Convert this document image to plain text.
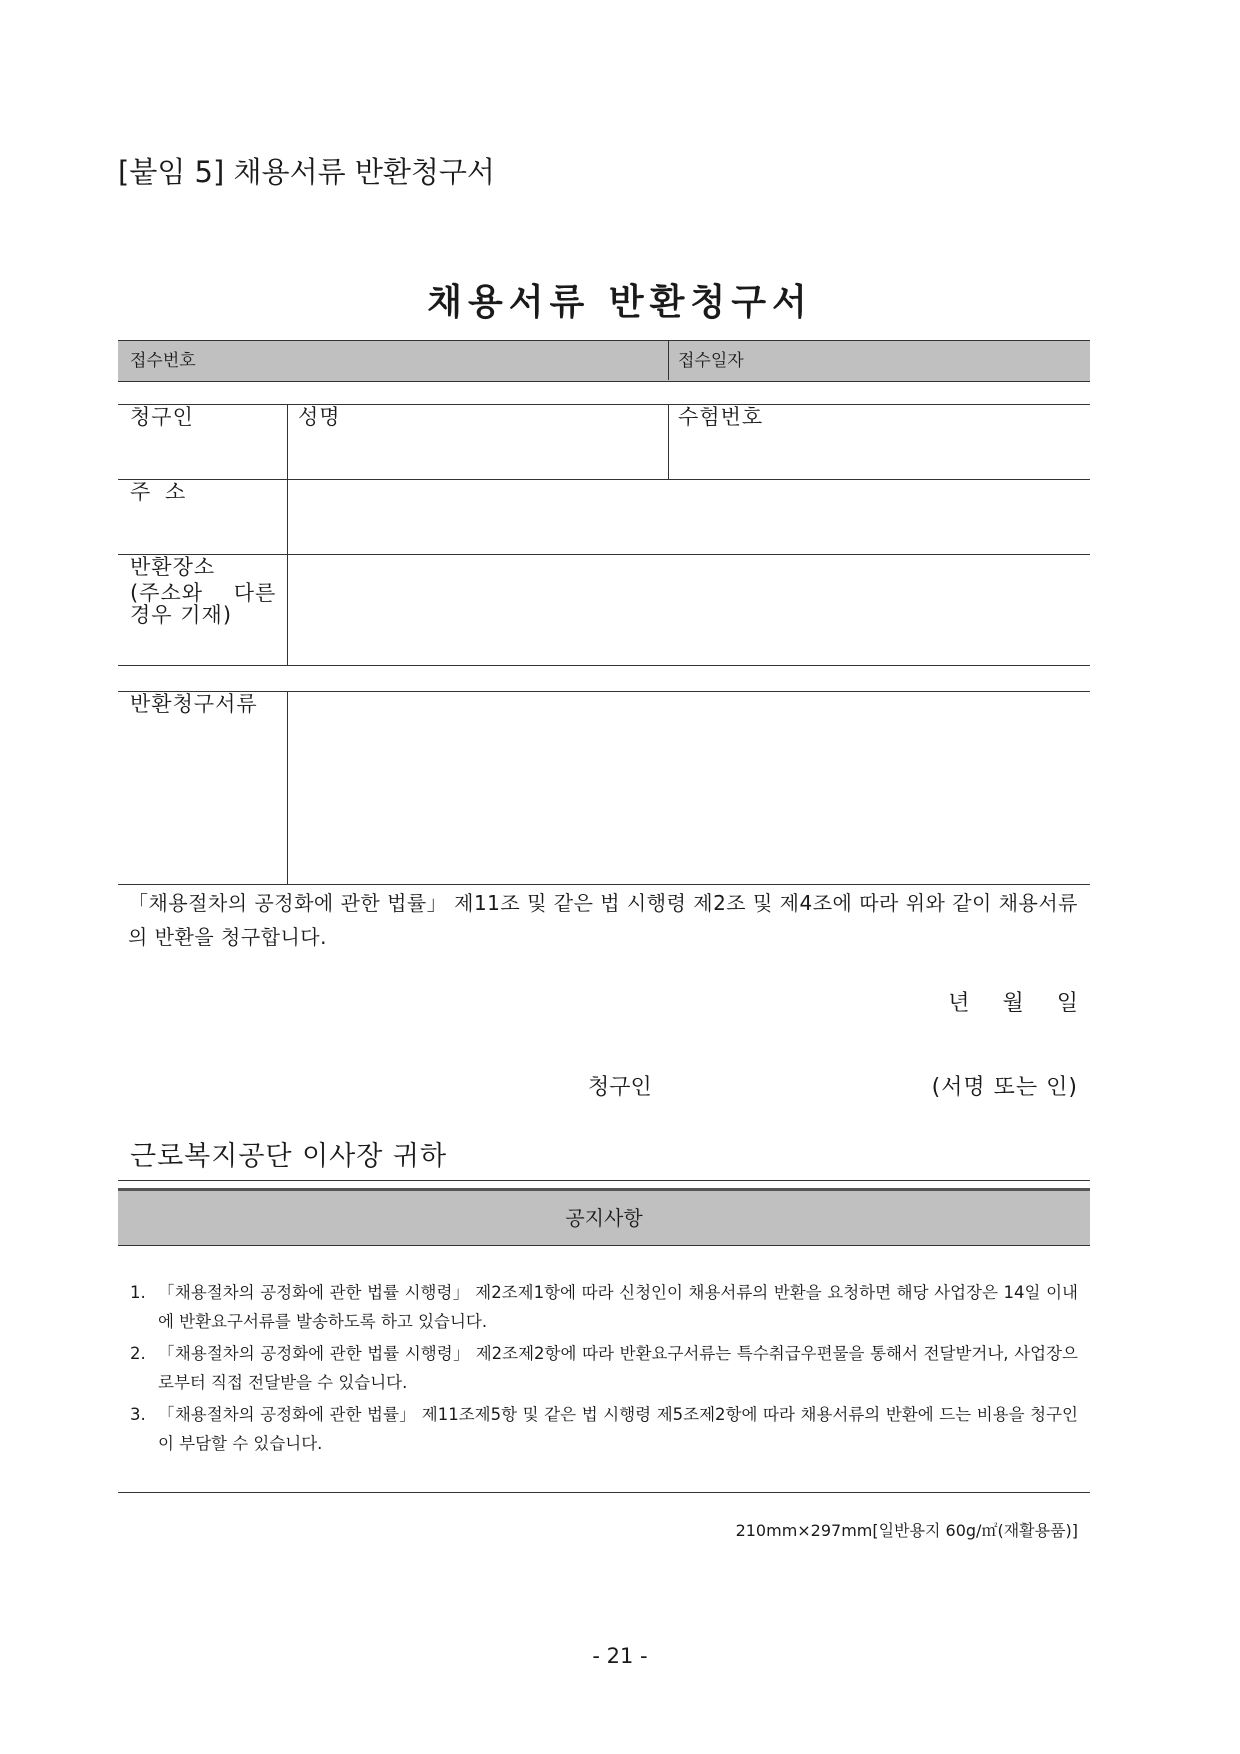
[붙임 5] 채용서류 반환청구서
채용서류 반환청구서
접수번호	접수일자
청구인	성명	수험번호
주 소
반환장소
(주소와    다른
경우 기재)
반환청구서류
「채용절차의 공정화에 관한 법률」 제11조 및 같은 법 시행령 제2조 및 제4조에 따라 위와 같이 채용서류의 반환을 청구합니다.
년 월 일
청구인	(서명 또는 인)
근로복지공단 이사장 귀하
공지사항
1. 「채용절차의 공정화에 관한 법률 시행령」 제2조제1항에 따라 신청인이 채용서류의 반환을 요청하면 해당 사업장은 14일 이내에 반환요구서류를 발송하도록 하고 있습니다.
2. 「채용절차의 공정화에 관한 법률 시행령」 제2조제2항에 따라 반환요구서류는 특수취급우편물을 통해서 전달받거나, 사업장으로부터 직접 전달받을 수 있습니다.
3. 「채용절차의 공정화에 관한 법률」 제11조제5항 및 같은 법 시행령 제5조제2항에 따라 채용서류의 반환에 드는 비용을 청구인이 부담할 수 있습니다.
210mm×297mm[일반용지 60g/㎡(재활용품)]
- 21 -
